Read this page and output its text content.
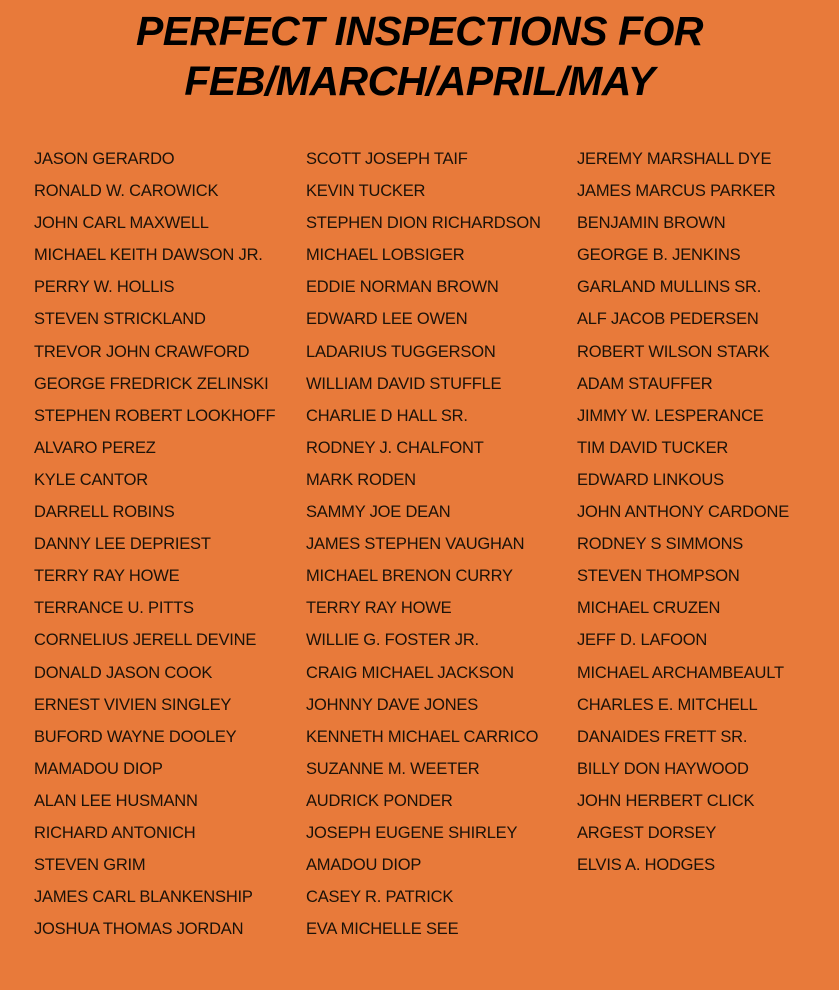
PERFECT INSPECTIONS FOR
FEB/MARCH/APRIL/MAY
JASON GERARDO
RONALD W. CAROWICK
JOHN CARL MAXWELL
MICHAEL KEITH DAWSON JR.
PERRY W. HOLLIS
STEVEN STRICKLAND
TREVOR JOHN CRAWFORD
GEORGE FREDRICK ZELINSKI
STEPHEN ROBERT LOOKHOFF
ALVARO PEREZ
KYLE CANTOR
DARRELL ROBINS
DANNY LEE DEPRIEST
TERRY RAY HOWE
TERRANCE U. PITTS
CORNELIUS JERELL DEVINE
DONALD JASON COOK
ERNEST VIVIEN SINGLEY
BUFORD WAYNE DOOLEY
MAMADOU DIOP
ALAN LEE HUSMANN
RICHARD ANTONICH
STEVEN GRIM
JAMES CARL BLANKENSHIP
JOSHUA THOMAS JORDAN
SCOTT JOSEPH TAIF
KEVIN TUCKER
STEPHEN DION RICHARDSON
MICHAEL LOBSIGER
EDDIE NORMAN BROWN
EDWARD LEE OWEN
LADARIUS TUGGERSON
WILLIAM DAVID STUFFLE
CHARLIE D HALL SR.
RODNEY J. CHALFONT
MARK RODEN
SAMMY JOE DEAN
JAMES STEPHEN VAUGHAN
MICHAEL BRENON CURRY
TERRY RAY HOWE
WILLIE G. FOSTER JR.
CRAIG MICHAEL JACKSON
JOHNNY DAVE JONES
KENNETH MICHAEL CARRICO
SUZANNE M. WEETER
AUDRICK PONDER
JOSEPH EUGENE SHIRLEY
AMADOU DIOP
CASEY R. PATRICK
EVA MICHELLE SEE
JEREMY MARSHALL DYE
JAMES MARCUS PARKER
BENJAMIN BROWN
GEORGE B. JENKINS
GARLAND MULLINS SR.
ALF JACOB PEDERSEN
ROBERT WILSON STARK
ADAM STAUFFER
JIMMY W. LESPERANCE
TIM DAVID TUCKER
EDWARD LINKOUS
JOHN ANTHONY CARDONE
RODNEY S SIMMONS
STEVEN THOMPSON
MICHAEL CRUZEN
JEFF D. LAFOON
MICHAEL ARCHAMBEAULT
CHARLES E. MITCHELL
DANAIDES FRETT SR.
BILLY DON HAYWOOD
JOHN HERBERT CLICK
ARGEST DORSEY
ELVIS A. HODGES
